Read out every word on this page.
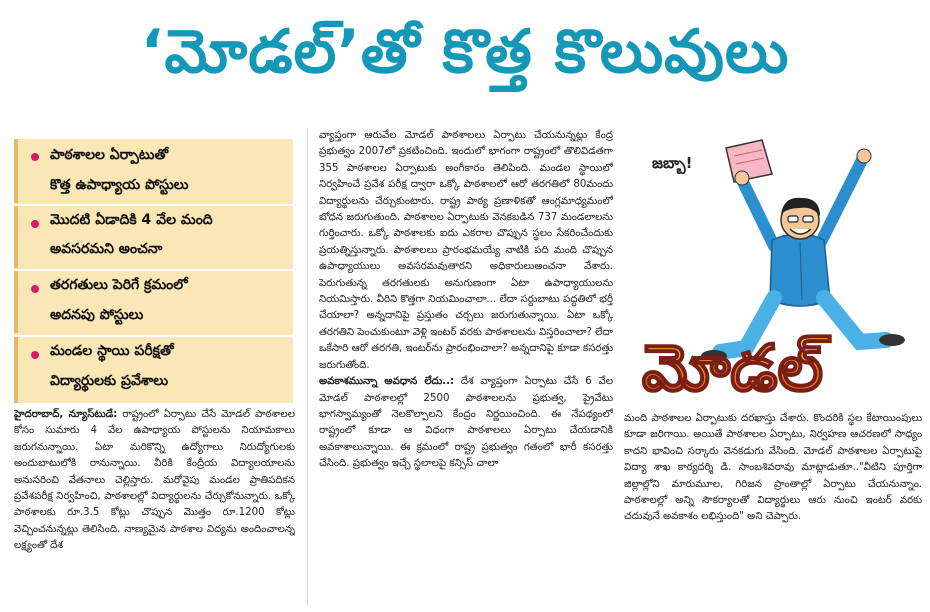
‘మోడల్’తో కొత్త కొలువులు
పాఠశాలల ఏర్పాటుతో
కొత్త ఉపాధ్యాయ పోస్టులు
మొదటి ఏడాదికి 4 వేల మంది
అవసరమని అంచనా
తరగతులు పెరిగే క్రమంలో
అదనపు పోస్టులు
మండల స్థాయి పరీక్షతో
విద్యార్థులకు ప్రవేశాలు

హైదరాబాద్, న్యూస్‌టుడే: రాష్ట్రంలో ఏర్పాటు చేసే మోడల్ పాఠశాలల కోసం సుమారు 4 వేల ఉపాధ్యాయ పోస్టులను నియామకాలు జరుగనున్నాయి. ఏటా మరికొన్ని ఉద్యోగాలు నిరుద్యోగులకు అందుబాటులోకి రానున్నాయి. వీరికి కేంద్రీయ విద్యాలయాలను అనుసరించి వేతనాలు చెల్లిస్తారు. మరోవైపు మండల ప్రాతిపదికన ప్రవేశపరీక్ష నిర్వహించి, పాఠశాలల్లో విద్యార్థులను చేర్చుకోనున్నారు. ఒక్కో పాఠశాలకు రూ.3.5 కోట్లు చొప్పున మొత్తం రూ.1200 కోట్లు వెచ్చించనున్నట్లు తెలిసింది. నాణ్యమైన పాఠశాల విద్యను అందించాలన్న లక్ష్యంతో దేశ

వ్యాప్తంగా ఆరువేల మోడల్ పాఠశాలలు ఏర్పాటు చేయనున్నట్లు కేంద్ర ప్రభుత్వం 2007లో ప్రకటించింది. ఇందులో భాగంగా రాష్ట్రంలో తొలివిడతగా 355 పాఠశాలల ఏర్పాటుకు అంగీకారం తెలిపింది. మండల స్థాయిలో నిర్వహించే ప్రవేశ పరీక్ష ద్వారా ఒక్కో పాఠశాలలో ఆరో తరగతిలో 80మందు విద్యార్థులను చేర్చుకుంటారు. రాష్ట్ర పాఠ్య ప్రణాళికతో ఆంగ్లమాధ్యమంలో బోధన జరుగుతుంది. పాఠశాలల ఏర్పాటుకు వెనకబడిన 737 మండలాలను గుర్తించారు. ఒక్కో పాఠశాలకు ఐదు ఎకరాల చొప్పున స్థలం సేకరించేందుకు ప్రయత్నిస్తున్నారు. పాఠశాలలు ప్రారంభమయ్యే నాటికి పది మంది చొప్పున ఉపాధ్యాయులు అవసరమవుతారని అధికారులుఅంచనా వేశారు. పెరుగుతున్న తరగతులకు అనుగుణంగా ఏటా ఉపాధ్యాయులను నియమిస్తారు. వీరిని కొత్తగా నియమించాలా... లేదా సర్దుబాటు పద్ధతిలో భర్తీ చేయాలా? అన్నదానిపై ప్రస్తుతం చర్చలు జరుగుతున్నాయి. ఏటా ఒక్కో తరగతిని పెంచుకుంటూ వెళ్లి ఇంటర్ వరకు పాఠశాలలను విస్తరించాలా? లేదా ఒకేసారి ఆరో తరగతి, ఇంటర్‌ను ప్రారంభించాలా? అన్నదానిపై కూడా కసరత్తు జరుగుతోంది.

అవకాశమున్నా అవధాన లేదు..: దేశ వ్యాప్తంగా ఏర్పాటు చేసే 6 వేల మోడల్ పాఠశాలల్లో 2500 పాఠశాలలను ప్రభుత్వ, ప్రైవేటు భాగస్వామ్యంతో నెలకొల్పాలని కేంద్రం నిర్ణయించింది. ఈ నేపథ్యంలో రాష్ట్రంలో కూడా ఆ విధంగా పాఠశాలలు ఏర్పాటు చేయడానికి అవకాశాలున్నాయి. ఈ క్రమంలో రాష్ట్ర ప్రభుత్వం గతంలో భారీ కసరత్తు చేసింది. ప్రభుత్వం ఇచ్చే స్థలాలపై కన్సిస్ చాలా

జబ్బా!
మోడల్

మంది పాఠశాలల ఏర్పాటుకు దరఖాస్తు చేశారు. కొందరికి స్థల కేటాయింపులు కూడా జరిగాయి. అయితే పాఠశాలల ఏర్పాటు, నిర్వహణ ఆచరణలో సాధ్యం కాదని భావించి సర్కారు వెనకడుగు వేసింది. మోడల్ పాఠశాలల ఏర్పాటుపై విద్యా శాఖ కార్యదర్శి డి. సాంబశివరావు మాట్లాడుతూ.."వీటిని పూర్తిగా జిల్లాల్లోని మారుమూల, గిరిజన ప్రాంతాల్లో ఏర్పాటు చేయనున్నాం. పాఠశాలల్లో అన్ని సౌకర్యాలతో విద్యార్థులు ఆరు నుంచి ఇంటర్ వరకు చదువునే అవకాశం లభిస్తుంది" అని చెప్పారు.
